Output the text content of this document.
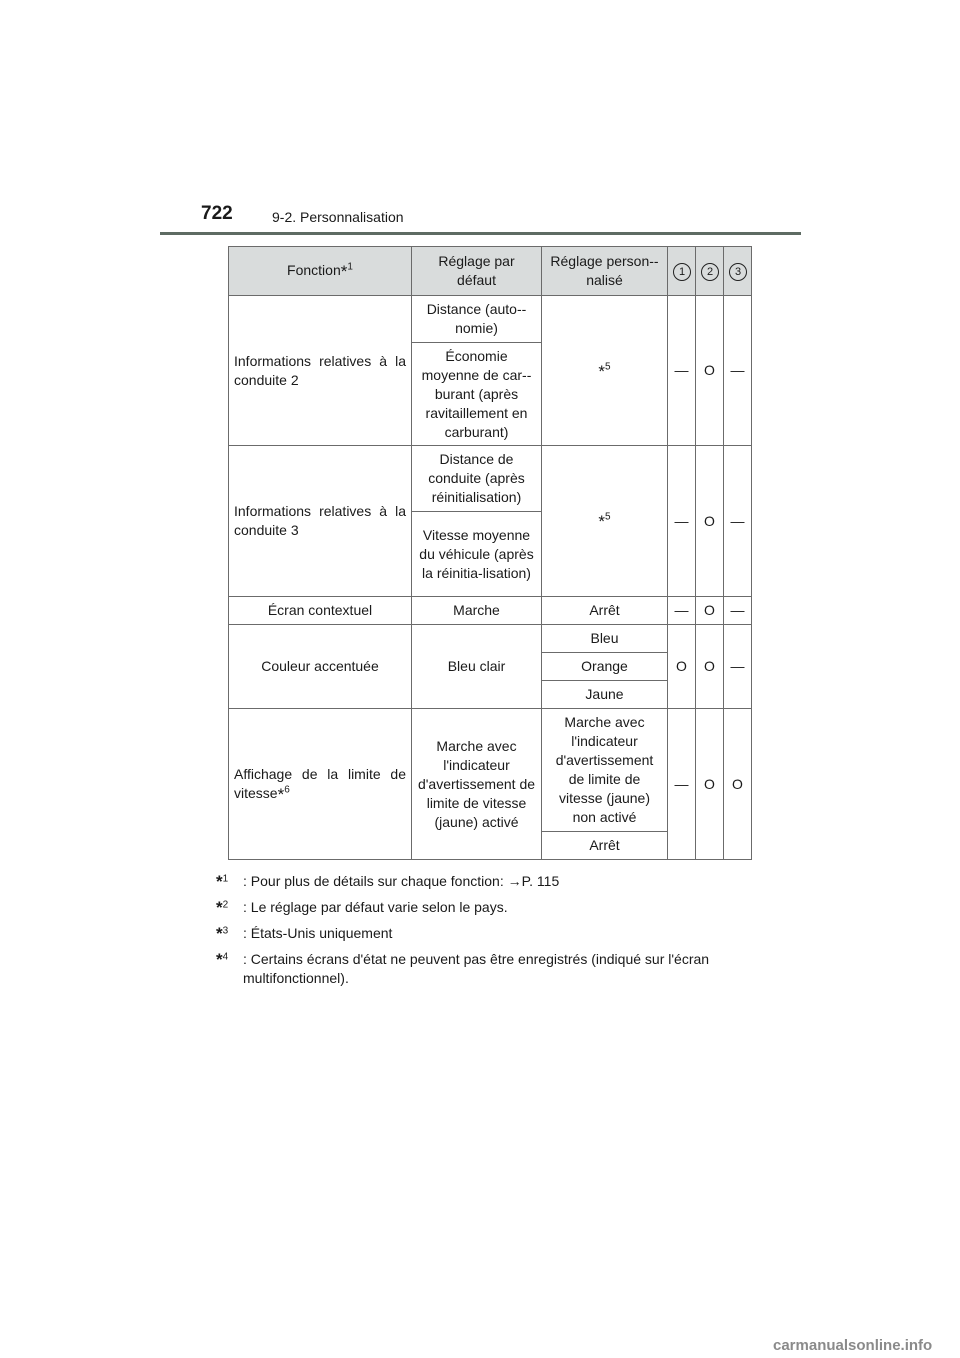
722	9-2. Personnalisation
Fonction*$^1$	Réglage par défaut	Réglage person-nalisé	1	2	3

Informations relatives à la conduite 2	Distance (auto-nomie)	*$^5$	—	O	—
	Économie moyenne de car-burant (après ravitaillement en carburant)				

Informations relatives à la conduite 3	Distance de conduite (après réinitialisation)	*$^5$	—	O	—
	Vitesse moyenne du véhicule (après la réinitia-lisation)				
Écran contextuel	Marche	Arrêt	—	O	—
Couleur accentuée	Bleu clair	Bleu	O	O	—
		Orange			
		Jaune			

Affichage de la limite de vitesse*$^6$	Marche avec l'indicateur d'avertissement de limite de vitesse (jaune) activé	Marche avec l'indicateur d'avertissement de limite de vitesse (jaune) non activé	—	O	O
		Arrêt			
*$^1$ : Pour plus de détails sur chaque fonction: →P. 115
*$^2$ : Le réglage par défaut varie selon le pays.
*$^3$ : États-Unis uniquement
*$^4$ : Certains écrans d'état ne peuvent pas être enregistrés (indiqué sur l'écran multifonctionnel).
carmanualsonline.info
